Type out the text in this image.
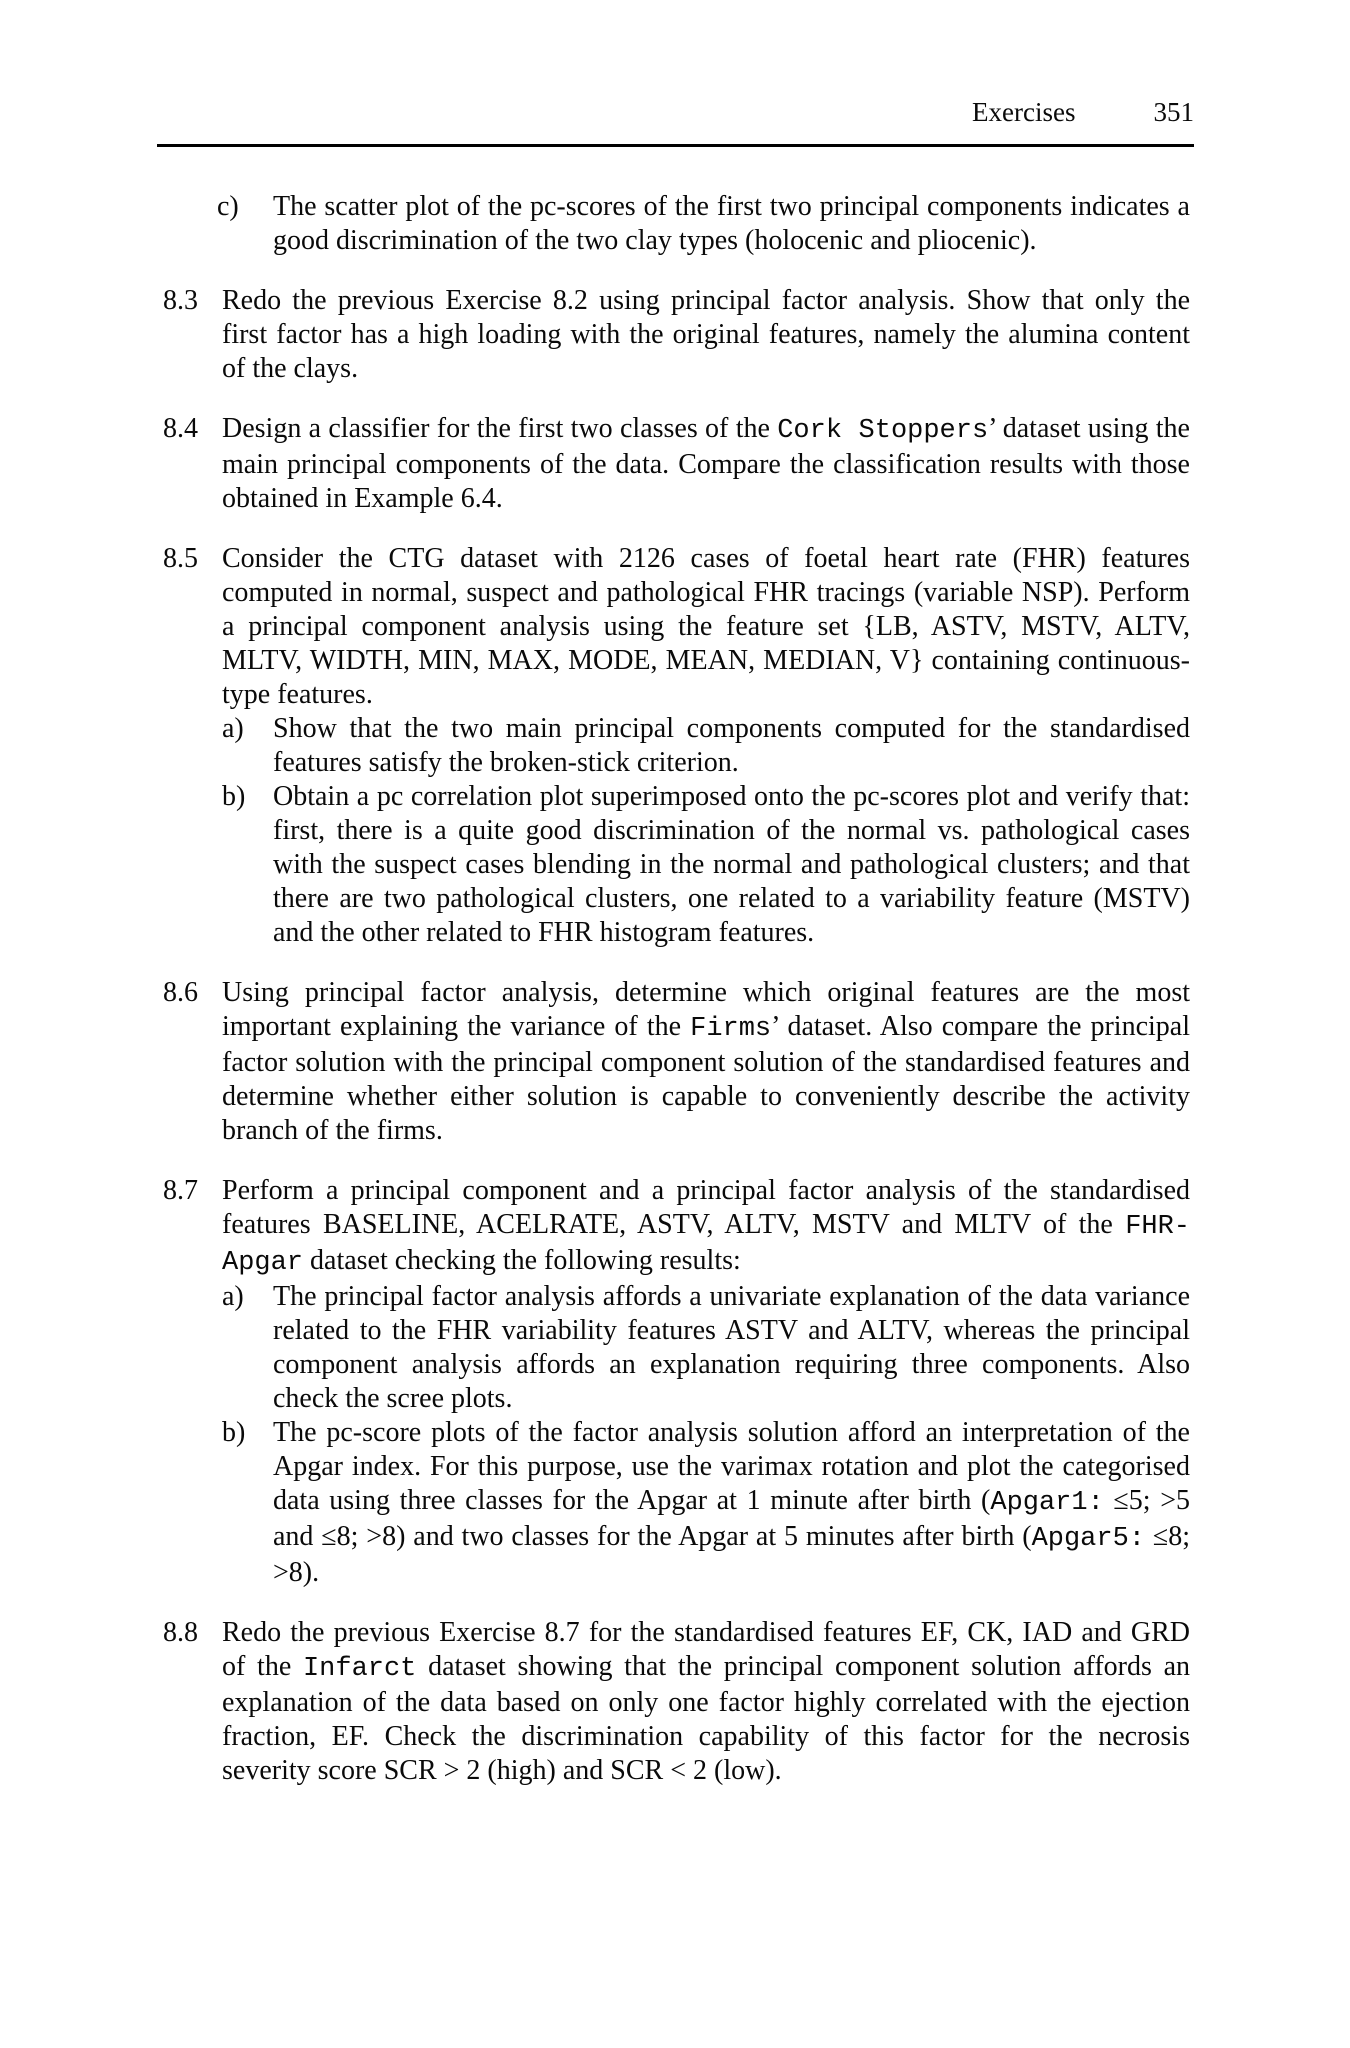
Exercises	351
c) The scatter plot of the pc-scores of the first two principal components indicates a good discrimination of the two clay types (holocenic and pliocenic).
8.3 Redo the previous Exercise 8.2 using principal factor analysis. Show that only the first factor has a high loading with the original features, namely the alumina content of the clays.
8.4 Design a classifier for the first two classes of the Cork Stoppers’ dataset using the main principal components of the data. Compare the classification results with those obtained in Example 6.4.
8.5 Consider the CTG dataset with 2126 cases of foetal heart rate (FHR) features computed in normal, suspect and pathological FHR tracings (variable NSP). Perform a principal component analysis using the feature set {LB, ASTV, MSTV, ALTV, MLTV, WIDTH, MIN, MAX, MODE, MEAN, MEDIAN, V} containing continuous-type features.
a) Show that the two main principal components computed for the standardised features satisfy the broken-stick criterion.
b) Obtain a pc correlation plot superimposed onto the pc-scores plot and verify that: first, there is a quite good discrimination of the normal vs. pathological cases with the suspect cases blending in the normal and pathological clusters; and that there are two pathological clusters, one related to a variability feature (MSTV) and the other related to FHR histogram features.
8.6 Using principal factor analysis, determine which original features are the most important explaining the variance of the Firms’ dataset. Also compare the principal factor solution with the principal component solution of the standardised features and determine whether either solution is capable to conveniently describe the activity branch of the firms.
8.7 Perform a principal component and a principal factor analysis of the standardised features BASELINE, ACELRATE, ASTV, ALTV, MSTV and MLTV of the FHR-Apgar dataset checking the following results:
a) The principal factor analysis affords a univariate explanation of the data variance related to the FHR variability features ASTV and ALTV, whereas the principal component analysis affords an explanation requiring three components. Also check the scree plots.
b) The pc-score plots of the factor analysis solution afford an interpretation of the Apgar index. For this purpose, use the varimax rotation and plot the categorised data using three classes for the Apgar at 1 minute after birth (Apgar1: ≤5; >5 and ≤8; >8) and two classes for the Apgar at 5 minutes after birth (Apgar5: ≤8; >8).
8.8 Redo the previous Exercise 8.7 for the standardised features EF, CK, IAD and GRD of the Infarct dataset showing that the principal component solution affords an explanation of the data based on only one factor highly correlated with the ejection fraction, EF. Check the discrimination capability of this factor for the necrosis severity score SCR > 2 (high) and SCR < 2 (low).
